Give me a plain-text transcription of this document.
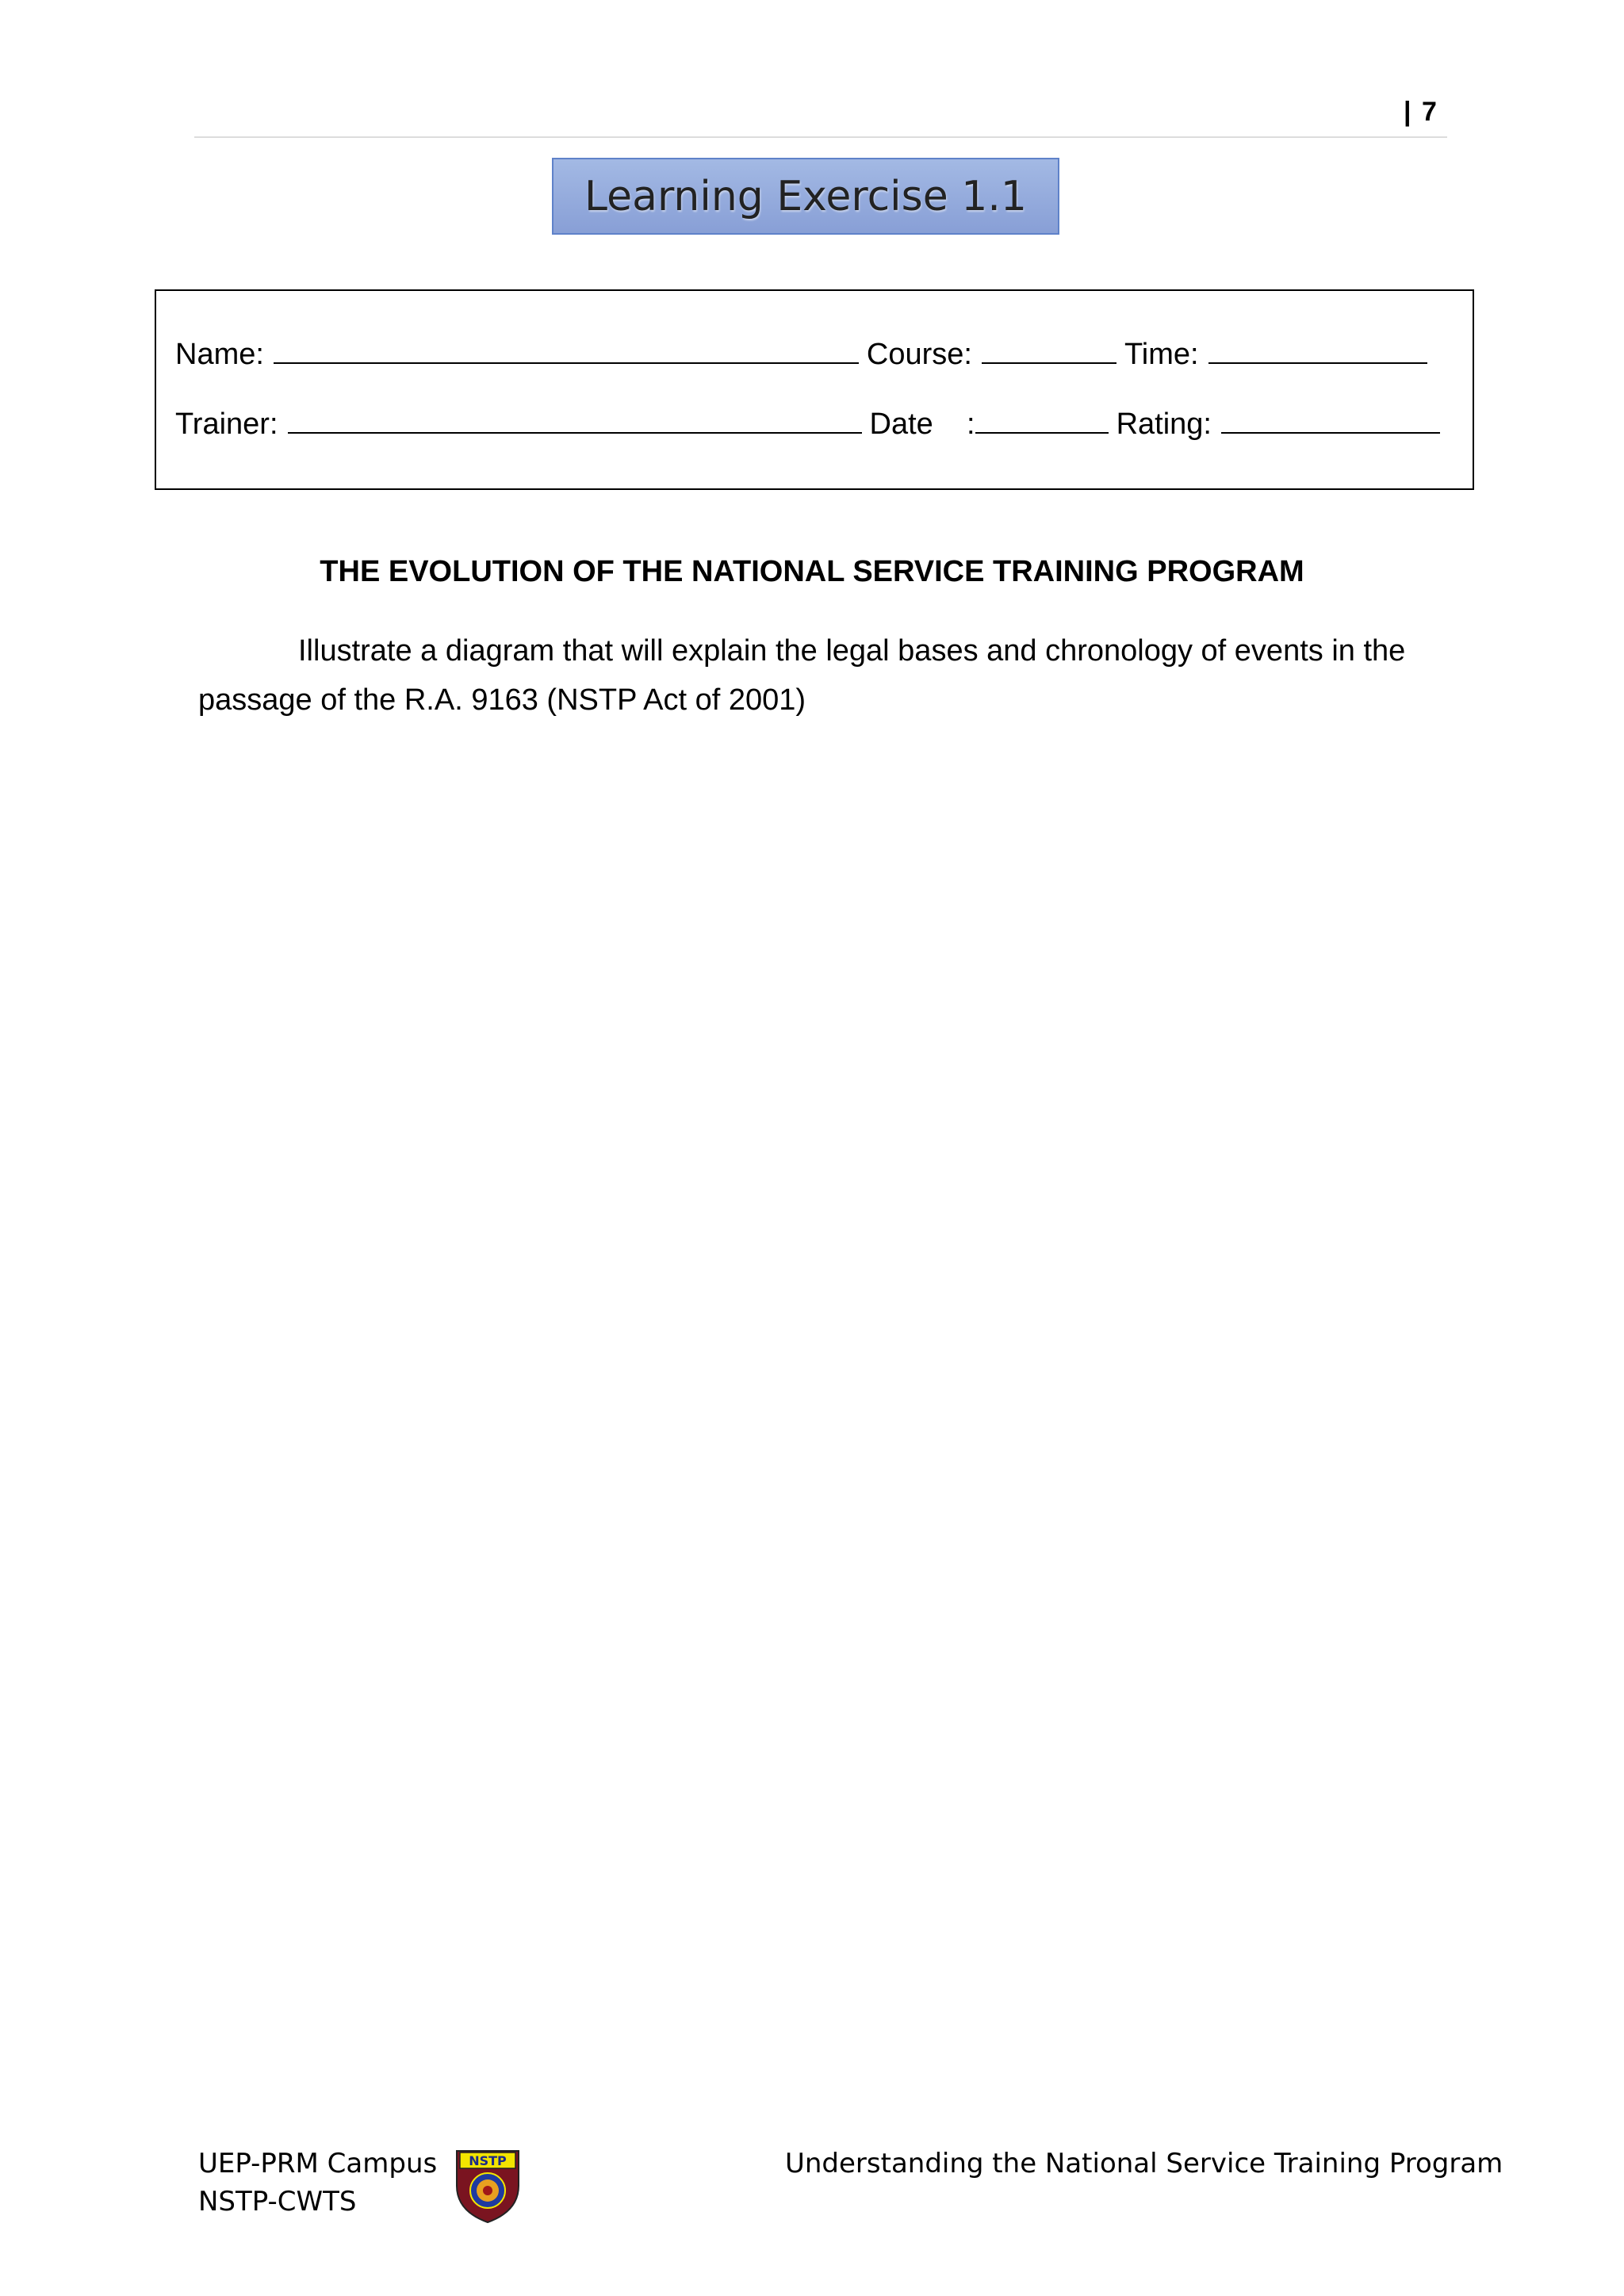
| 7
Learning Exercise 1.1
Name:	Course:	Time:
Trainer:	Date    :	Rating:
THE EVOLUTION OF THE NATIONAL SERVICE TRAINING PROGRAM
Illustrate a diagram that will explain the legal bases and chronology of events in the passage of the R.A. 9163 (NSTP Act of 2001)
UEP-PRM Campus
NSTP-CWTS
NSTP	Understanding the National Service Training Program
